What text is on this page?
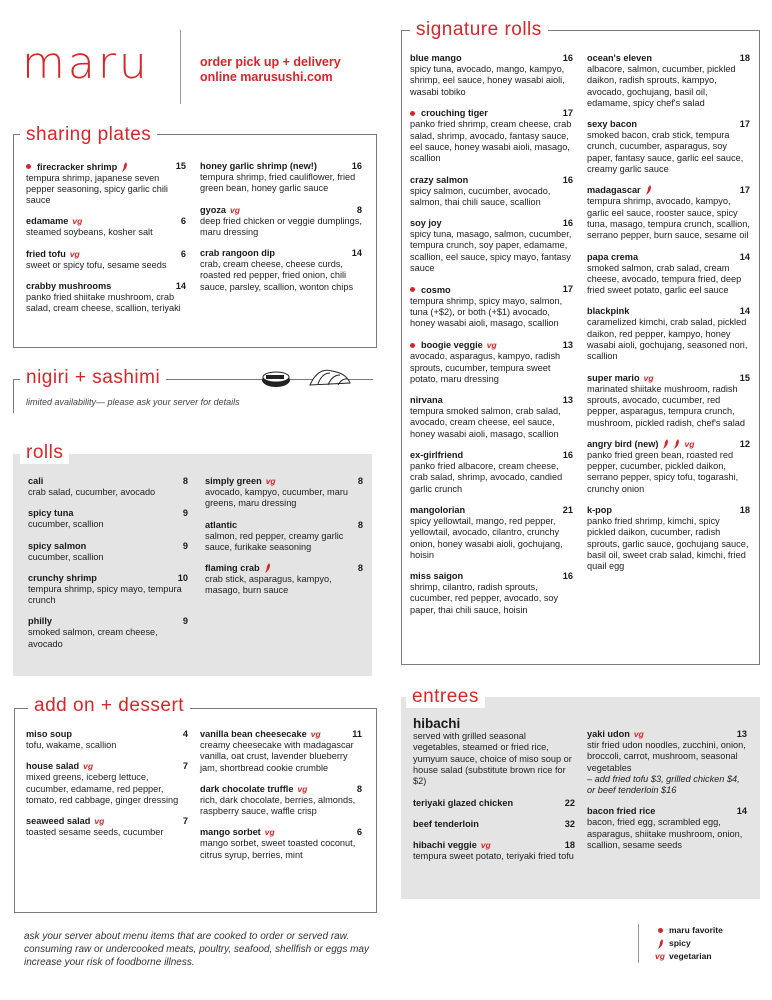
maru	order pick up + delivery
online marusushi.com
sharing plates
firecracker shrimp	15
tempura shrimp, japanese seven pepper seasoning, spicy garlic chili sauce
edamame vg	6
steamed soybeans, kosher salt
fried tofu vg	6
sweet or spicy tofu, sesame seeds
crabby mushrooms	14
panko fried shiitake mushroom, crab salad, cream cheese, scallion, teriyaki
honey garlic shrimp (new!)	16
tempura shrimp, fried cauliflower, fried green bean, honey garlic sauce
gyoza vg	8
deep fried chicken or veggie dumplings, maru dressing
crab rangoon dip	14
crab, cream cheese, cheese curds, roasted red pepper, fried onion, chili sauce, parsley, scallion, wonton chips
nigiri + sashimi
limited availability— please ask your server for details
rolls
cali	8
crab salad, cucumber, avocado
spicy tuna	9
cucumber, scallion
spicy salmon	9
cucumber, scallion
crunchy shrimp	10
tempura shrimp, spicy mayo, tempura crunch
philly	9
smoked salmon, cream cheese, avocado
simply green vg	8
avocado, kampyo, cucumber, maru greens, maru dressing
atlantic	8
salmon, red pepper, creamy garlic sauce, furikake seasoning
flaming crab	8
crab stick, asparagus, kampyo, masago, burn sauce
add on + dessert
miso soup	4
tofu, wakame, scallion
house salad vg	7
mixed greens, iceberg lettuce, cucumber, edamame, red pepper, tomato, red cabbage, ginger dressing
seaweed salad vg	7
toasted sesame seeds, cucumber
vanilla bean cheesecake vg	11
creamy cheesecake with madagascar vanilla, oat crust, lavender blueberry jam, shortbread cookie crumble
dark chocolate truffle vg	8
rich, dark chocolate, berries, almonds, raspberry sauce, waffle crisp
mango sorbet vg	6
mango sorbet, sweet toasted coconut, citrus syrup, berries, mint
signature rolls
blue mango	16
spicy tuna, avocado, mango, kampyo, shrimp, eel sauce, honey wasabi aioli, wasabi tobiko
crouching tiger	17
panko fried shrimp, cream cheese, crab salad, shrimp, avocado, fantasy sauce, eel sauce, honey wasabi aioli, masago, scallion
crazy salmon	16
spicy salmon, cucumber, avocado, salmon, thai chili sauce, scallion
soy joy	16
spicy tuna, masago, salmon, cucumber, tempura crunch, soy paper, edamame, scallion, eel sauce, spicy mayo, fantasy sauce
cosmo	17
tempura shrimp, spicy mayo, salmon, tuna (+$2), or both (+$1) avocado, honey wasabi aioli, masago, scallion
boogie veggie vg	13
avocado, asparagus, kampyo, radish sprouts, cucumber, tempura sweet potato, maru dressing
nirvana	13
tempura smoked salmon, crab salad, avocado, cream cheese, eel sauce, honey wasabi aioli, masago, scallion
ex-girlfriend	16
panko fried albacore, cream cheese, crab salad, shrimp, avocado, candied garlic crunch
mangolorian	21
spicy yellowtail, mango, red pepper, yellowtail, avocado, cilantro, crunchy onion, honey wasabi aioli, gochujang, hoisin
miss saigon	16
shrimp, cilantro, radish sprouts, cucumber, red pepper, avocado, soy paper, thai chili sauce, hoisin
ocean's eleven	18
albacore, salmon, cucumber, pickled daikon, radish sprouts, kampyo, avocado, gochujang, basil oil, edamame, spicy chef's salad
sexy bacon	17
smoked bacon, crab stick, tempura crunch, cucumber, asparagus, soy paper, fantasy sauce, garlic eel sauce, creamy garlic sauce
madagascar	17
tempura shrimp, avocado, kampyo, garlic eel sauce, rooster sauce, spicy tuna, masago, tempura crunch, scallion, serrano pepper, burn sauce, sesame oil
papa crema	14
smoked salmon, crab salad, cream cheese, avocado, tempura fried, deep fried sweet potato, garlic eel sauce
blackpink	14
caramelized kimchi, crab salad, pickled daikon, red pepper, kampyo, honey wasabi aioli, gochujang, seasoned nori, scallion
super mario vg	15
marinated shiitake mushroom, radish sprouts, avocado, cucumber, red pepper, asparagus, tempura crunch, mushroom, pickled radish, chef's salad
angry bird (new)	vg	12
panko fried green bean, roasted red pepper, cucumber, pickled daikon, serrano pepper, spicy tofu, togarashi, crunchy onion
k-pop	18
panko fried shrimp, kimchi, spicy pickled daikon, cucumber, radish sprouts, garlic sauce, gochujang sauce, basil oil, sweet crab salad, kimchi, fried quail egg
entrees
hibachi
served with grilled seasonal vegetables, steamed or fried rice, yumyum sauce, choice of miso soup or house salad (substitute brown rice for $2)
teriyaki glazed chicken	22
beef tenderloin	32
hibachi veggie vg	18
tempura sweet potato, teriyaki fried tofu
yaki udon vg	13
stir fried udon noodles, zucchini, onion, broccoli, carrot, mushroom, seasonal vegetables
– add fried tofu $3, grilled chicken $4, or beef tenderloin $16
bacon fried rice	14
bacon, fried egg, scrambled egg, asparagus, shiitake mushroom, onion, scallion, sesame seeds
ask your server about menu items that are cooked to order or served raw. consuming raw or undercooked meats, poultry, seafood, shellfish or eggs may increase your risk of foodborne illness.
maru favorite
spicy
vg vegetarian
